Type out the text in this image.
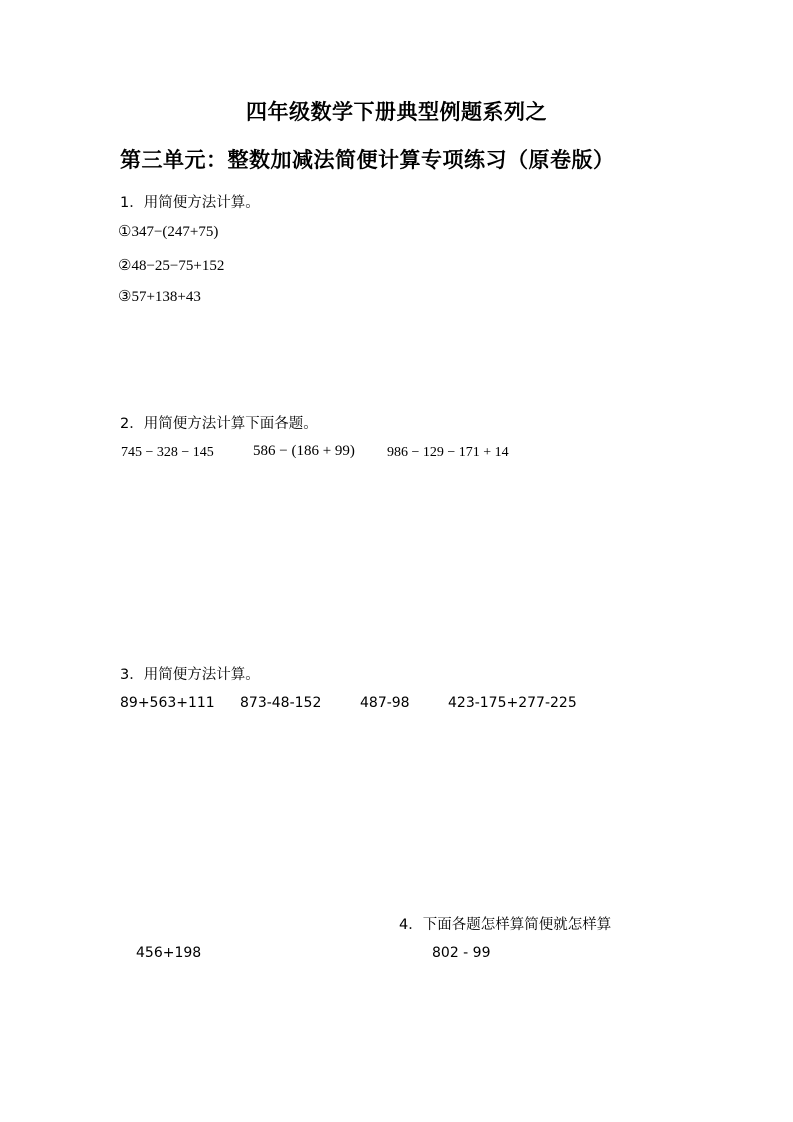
四年级数学下册典型例题系列之
第三单元：整数加减法简便计算专项练习（原卷版）
1．用简便方法计算。
①347−(247+75)
②48−25−75+152
③57+138+43
2．用简便方法计算下面各题。
745 − 328 − 145	586 − (186 + 99) 986 − 129 − 171 + 14
3．用简便方法计算。
89+563+111 873-48-152	487-98	423-175+277-225
4．下面各题怎样算简便就怎样算
456+198	802 - 99
